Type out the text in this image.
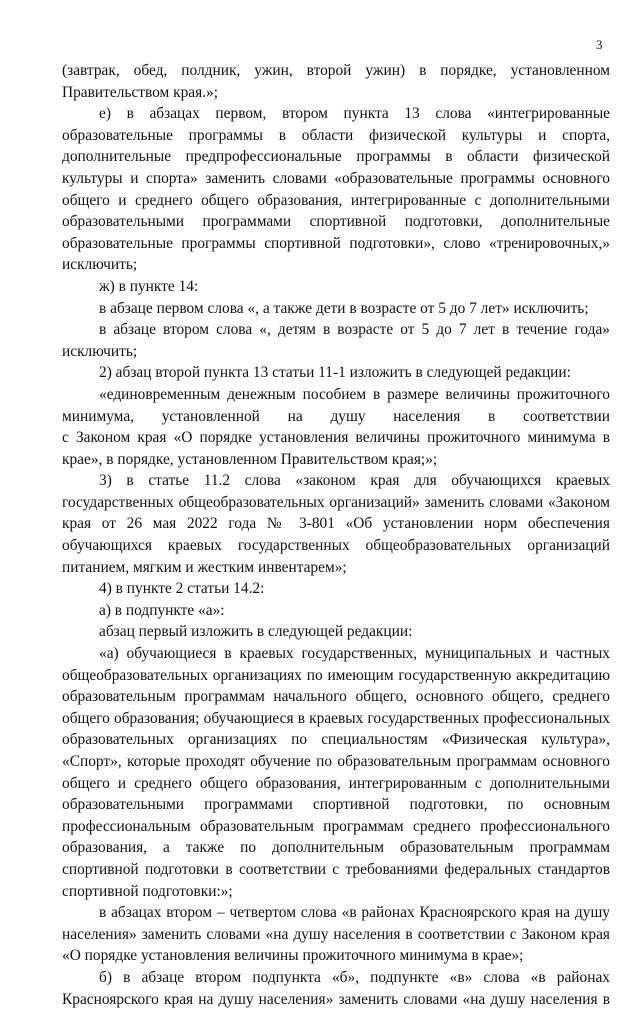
3
(завтрак, обед, полдник, ужин, второй ужин) в порядке, установленном
Правительством края.»;
е) в абзацах первом, втором пункта 13 слова «интегрированные
образовательные программы в области физической культуры и спорта,
дополнительные предпрофессиональные программы в области физической
культуры и спорта» заменить словами «образовательные программы основного
общего и среднего общего образования, интегрированные с дополнительными
образовательными программами спортивной подготовки, дополнительные
образовательные программы спортивной подготовки», слово «тренировочных,»
исключить;
ж) в пункте 14:
в абзаце первом слова «, а также дети в возрасте от 5 до 7 лет» исключить;
в абзаце втором слова «, детям в возрасте от 5 до 7 лет в течение года»
исключить;
2) абзац второй пункта 13 статьи 11-1 изложить в следующей редакции:
«единовременным денежным пособием в размере величины прожиточного
минимума, установленной на душу населения в соответствии
с Законом края «О порядке установления величины прожиточного минимума в
крае», в порядке, установленном Правительством края;»;
3) в статье 11.2 слова «законом края для обучающихся краевых
государственных общеобразовательных организаций» заменить словами «Законом
края от 26 мая 2022 года № 3-801 «Об установлении норм обеспечения
обучающихся краевых государственных общеобразовательных организаций
питанием, мягким и жестким инвентарем»;
4) в пункте 2 статьи 14.2:
а) в подпункте «а»:
абзац первый изложить в следующей редакции:
«а) обучающиеся в краевых государственных, муниципальных и частных
общеобразовательных организациях по имеющим государственную аккредитацию
образовательным программам начального общего, основного общего, среднего
общего образования; обучающиеся в краевых государственных профессиональных
образовательных организациях по специальностям «Физическая культура»,
«Спорт», которые проходят обучение по образовательным программам основного
общего и среднего общего образования, интегрированным с дополнительными
образовательными программами спортивной подготовки, по основным
профессиональным образовательным программам среднего профессионального
образования, а также по дополнительным образовательным программам
спортивной подготовки в соответствии с требованиями федеральных стандартов
спортивной подготовки:»;
в абзацах втором – четвертом слова «в районах Красноярского края на душу
населения» заменить словами «на душу населения в соответствии с Законом края
«О порядке установления величины прожиточного минимума в крае»;
б) в абзаце втором подпункта «б», подпункте «в» слова «в районах
Красноярского края на душу населения» заменить словами «на душу населения в
